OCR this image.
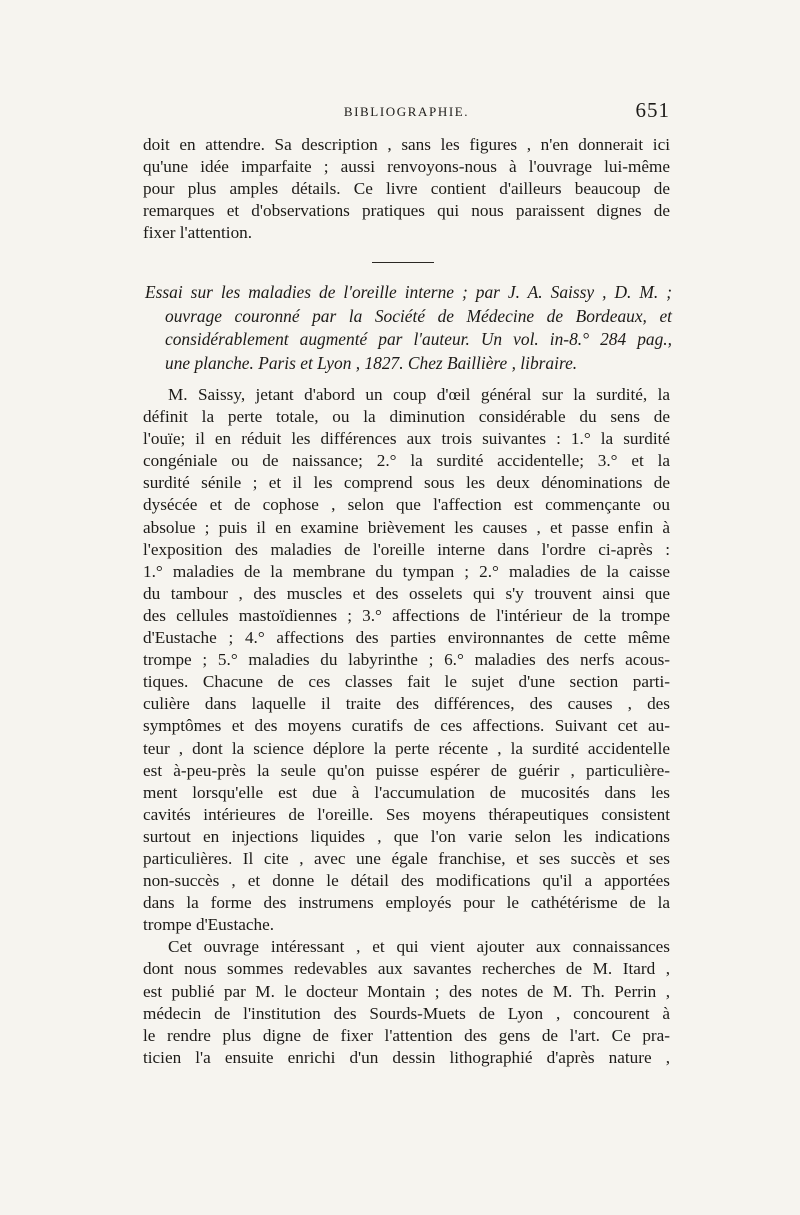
BIBLIOGRAPHIE.	651
doit en attendre. Sa description , sans les figures , n'en donnerait ici
qu'une idée imparfaite ; aussi renvoyons-nous à l'ouvrage lui-même
pour plus amples détails. Ce livre contient d'ailleurs beaucoup de
remarques et d'observations pratiques qui nous paraissent dignes de
fixer l'attention.
Essai sur les maladies de l'oreille interne ; par J. A. Saissy , D. M. ;
ouvrage couronné par la Société de Médecine de Bordeaux, et
considérablement augmenté par l'auteur. Un vol. in-8.° 284 pag.,
une planche. Paris et Lyon , 1827. Chez Baillière , libraire.
M. Saissy, jetant d'abord un coup d'œil général sur la surdité, la
définit la perte totale, ou la diminution considérable du sens de
l'ouïe; il en réduit les différences aux trois suivantes : 1.° la surdité
congéniale ou de naissance; 2.° la surdité accidentelle; 3.° et la
surdité sénile ; et il les comprend sous les deux dénominations de
dysécée et de cophose , selon que l'affection est commençante ou
absolue ; puis il en examine brièvement les causes , et passe enfin à
l'exposition des maladies de l'oreille interne dans l'ordre ci-après :
1.° maladies de la membrane du tympan ; 2.° maladies de la caisse
du tambour , des muscles et des osselets qui s'y trouvent ainsi que
des cellules mastoïdiennes ; 3.° affections de l'intérieur de la trompe
d'Eustache ; 4.° affections des parties environnantes de cette même
trompe ; 5.° maladies du labyrinthe ; 6.° maladies des nerfs acous-
tiques. Chacune de ces classes fait le sujet d'une section parti-
culière dans laquelle il traite des différences, des causes , des
symptômes et des moyens curatifs de ces affections. Suivant cet au-
teur , dont la science déplore la perte récente , la surdité accidentelle
est à-peu-près la seule qu'on puisse espérer de guérir , particulière-
ment lorsqu'elle est due à l'accumulation de mucosités dans les
cavités intérieures de l'oreille. Ses moyens thérapeutiques consistent
surtout en injections liquides , que l'on varie selon les indications
particulières. Il cite , avec une égale franchise, et ses succès et ses
non-succès , et donne le détail des modifications qu'il a apportées
dans la forme des instrumens employés pour le cathétérisme de la
trompe d'Eustache.
Cet ouvrage intéressant , et qui vient ajouter aux connaissances
dont nous sommes redevables aux savantes recherches de M. Itard ,
est publié par M. le docteur Montain ; des notes de M. Th. Perrin ,
médecin de l'institution des Sourds-Muets de Lyon , concourent à
le rendre plus digne de fixer l'attention des gens de l'art. Ce pra-
ticien l'a ensuite enrichi d'un dessin lithographié d'après nature ,
